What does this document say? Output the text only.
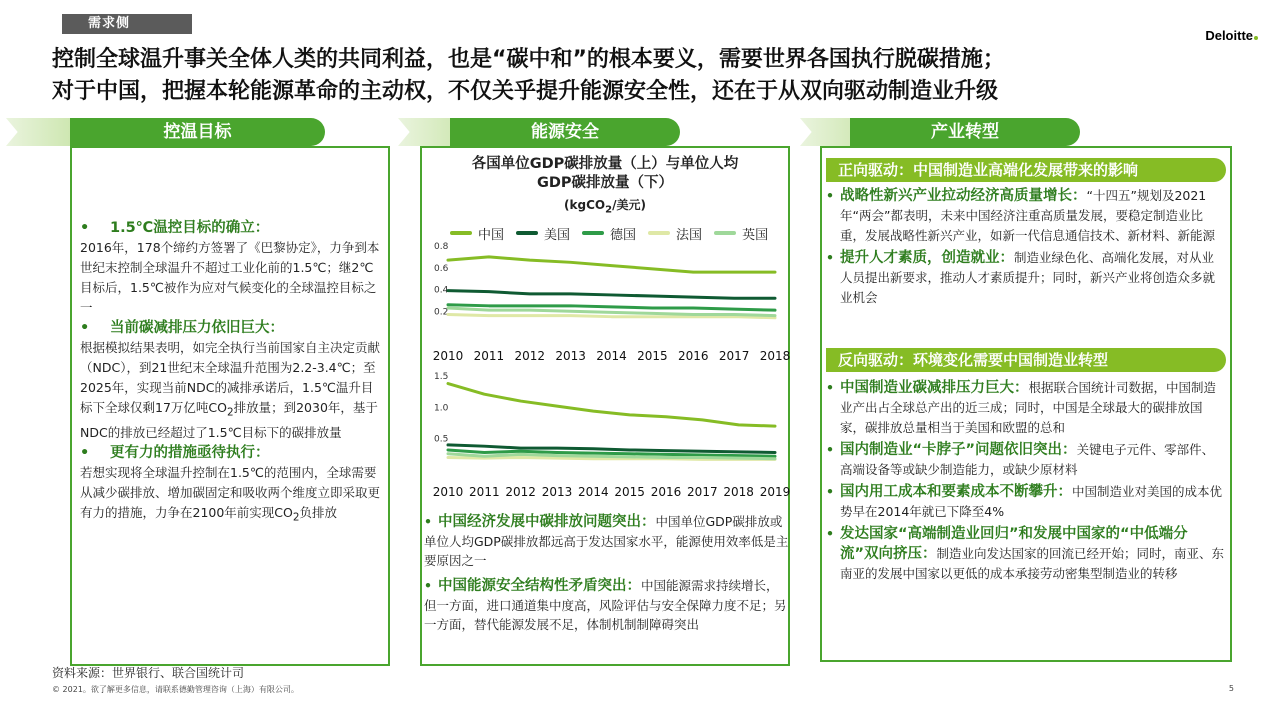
需求侧
Deloitte
控制全球温升事关全体人类的共同利益，也是“碳中和”的根本要义，需要世界各国执行脱碳措施；
对于中国，把握本轮能源革命的主动权，不仅关乎提升能源安全性，还在于从双向驱动制造业升级
控温目标	能源安全	产业转型
• 1.5℃温控目标的确立：
2016年，178个缔约方签署了《巴黎协定》，力争到本世纪末控制全球温升不超过工业化前的1.5℃；继2℃目标后，1.5℃被作为应对气候变化的全球温控目标之一
• 当前碳减排压力依旧巨大：
根据模拟结果表明，如完全执行当前国家自主决定贡献（NDC），到21世纪末全球温升范围为2.2-3.4℃；至2025年，实现当前NDC的减排承诺后，1.5℃温升目标下全球仅剩17万亿吨$CO_2$排放量；到2030年，基于NDC的排放已经超过了1.5℃目标下的碳排放量
• 更有力的措施亟待执行：
若想实现将全球温升控制在1.5℃的范围内，全球需要从减少碳排放、增加碳固定和吸收两个维度立即采取更有力的措施，力争在2100年前实现$CO_2$负排放
各国单位GDP碳排放量（上）与单位人均
GDP碳排放量（下）
(kgCO$_2$/美元)
中国	美国	德国	法国	英国
0.2
0.4
0.6
0.8
2010 2011 2012 2013 2014 2015 2016 2017 2018
0.5
1.0
1.5
2010 2011 2012 2013 2014 2015 2016 2017 2018 2019
• 中国经济发展中碳排放问题突出：中国单位GDP碳排放或单位人均GDP碳排放都远高于发达国家水平，能源使用效率低是主要原因之一
• 中国能源安全结构性矛盾突出：中国能源需求持续增长，但一方面，进口通道集中度高，风险评估与安全保障力度不足；另一方面，替代能源发展不足，体制机制制障碍突出
正向驱动：中国制造业高端化发展带来的影响
• 战略性新兴产业拉动经济高质量增长：“十四五”规划及2021年“两会”都表明，未来中国经济注重高质量发展，要稳定制造业比重，发展战略性新兴产业，如新一代信息通信技术、新材料、新能源
• 提升人才素质，创造就业：制造业绿色化、高端化发展，对从业人员提出新要求，推动人才素质提升；同时，新兴产业将创造众多就业机会
反向驱动：环境变化需要中国制造业转型
• 中国制造业碳减排压力巨大：根据联合国统计司数据，中国制造业产出占全球总产出的近三成；同时，中国是全球最大的碳排放国家，碳排放总量相当于美国和欧盟的总和
• 国内制造业“卡脖子”问题依旧突出：关键电子元件、零部件、高端设备等或缺少制造能力，或缺少原材料
• 国内用工成本和要素成本不断攀升：中国制造业对美国的成本优势早在2014年就已下降至4%
• 发达国家“高端制造业回归”和发展中国家的“中低端分流”双向挤压：制造业向发达国家的回流已经开始；同时，南亚、东南亚的发展中国家以更低的成本承接劳动密集型制造业的转移
资料来源：世界银行、联合国统计司
© 2021。欲了解更多信息，请联系德勤管理咨询（上海）有限公司。	5
